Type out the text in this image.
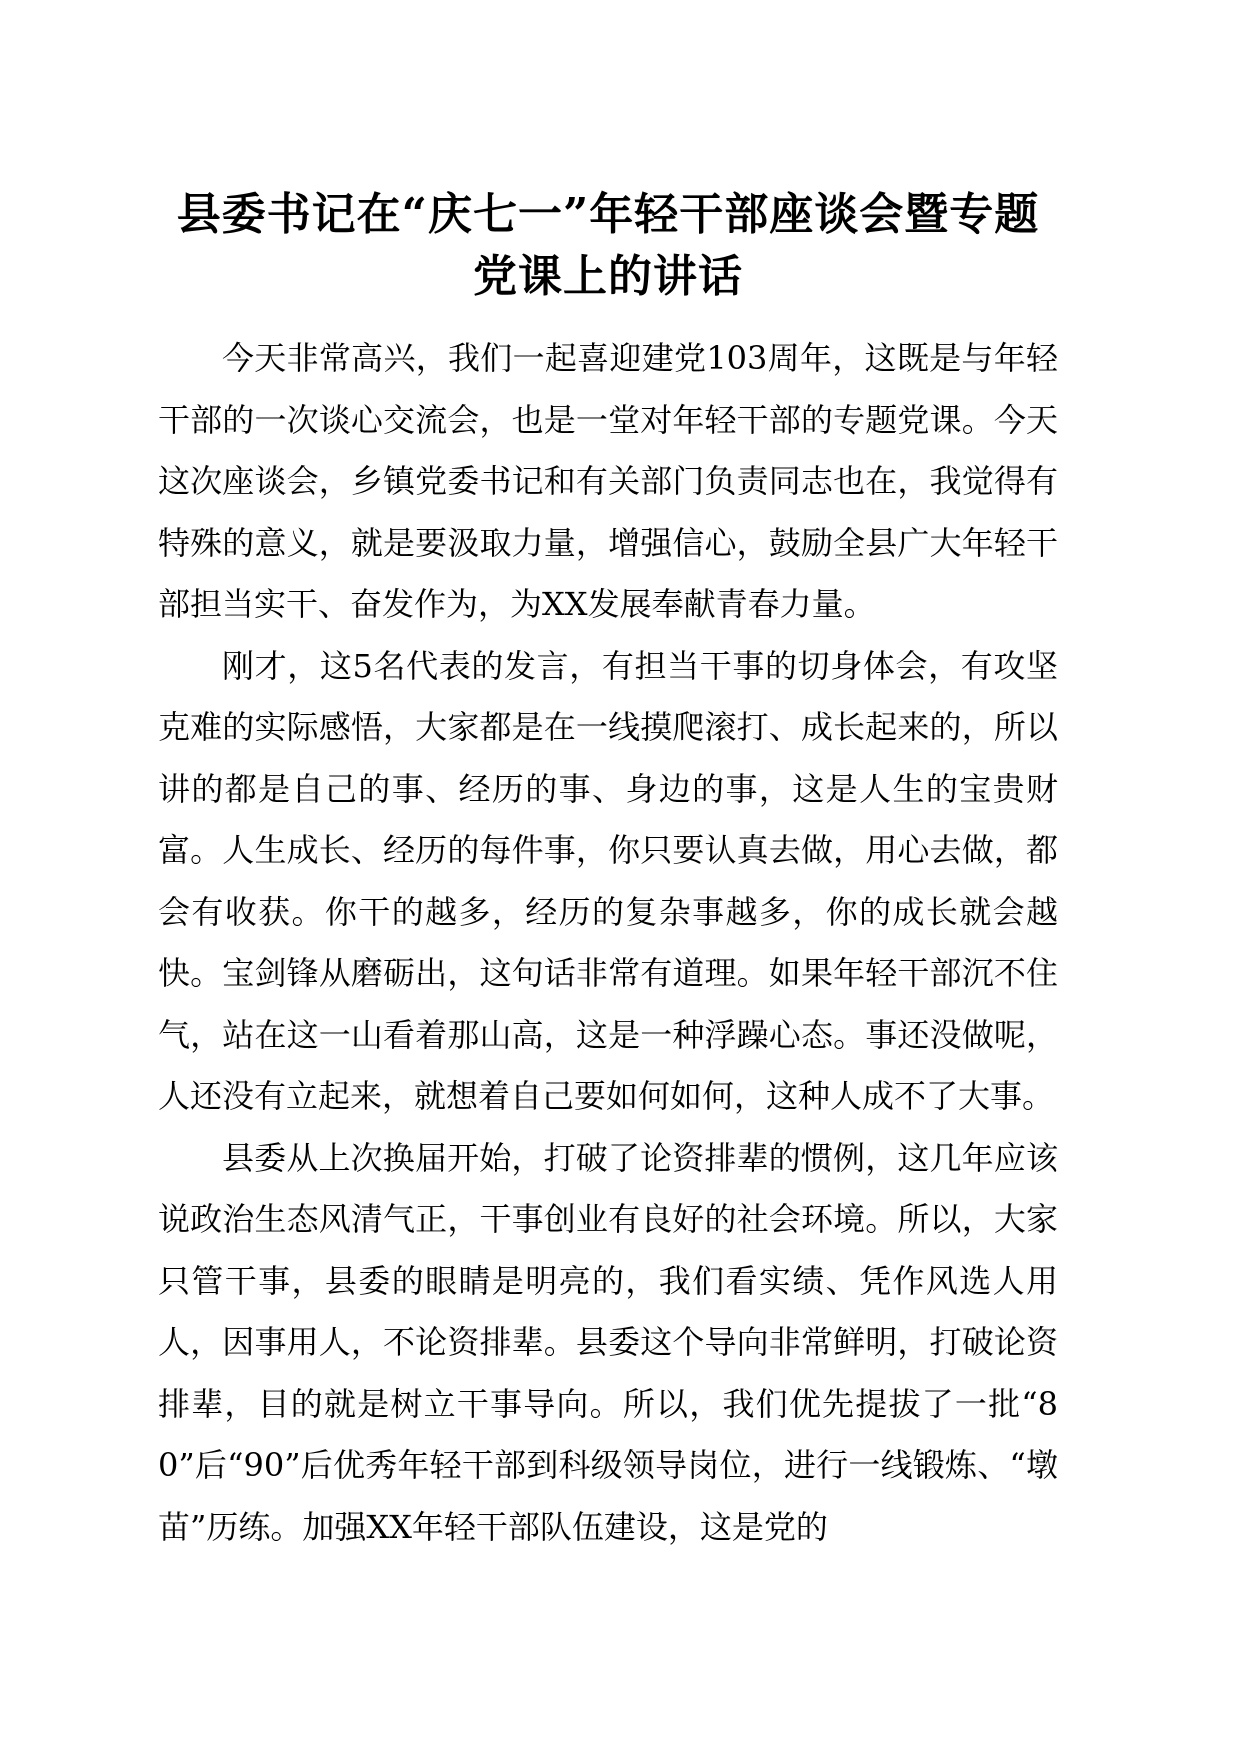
县委书记在“庆七一”年轻干部座谈会暨专题
党课上的讲话

今天非常高兴，我们一起喜迎建党103周年，这既是与年轻干部的一次谈心交流会，也是一堂对年轻干部的专题党课。今天这次座谈会，乡镇党委书记和有关部门负责同志也在，我觉得有特殊的意义，就是要汲取力量，增强信心，鼓励全县广大年轻干部担当实干、奋发作为，为XX发展奉献青春力量。

刚才，这5名代表的发言，有担当干事的切身体会，有攻坚克难的实际感悟，大家都是在一线摸爬滚打、成长起来的，所以讲的都是自己的事、经历的事、身边的事，这是人生的宝贵财富。人生成长、经历的每件事，你只要认真去做，用心去做，都会有收获。你干的越多，经历的复杂事越多，你的成长就会越快。宝剑锋从磨砺出，这句话非常有道理。如果年轻干部沉不住气，站在这一山看着那山高，这是一种浮躁心态。事还没做呢，人还没有立起来，就想着自己要如何如何，这种人成不了大事。

县委从上次换届开始，打破了论资排辈的惯例，这几年应该说政治生态风清气正，干事创业有良好的社会环境。所以，大家只管干事，县委的眼睛是明亮的，我们看实绩、凭作风选人用人，因事用人，不论资排辈。县委这个导向非常鲜明，打破论资排辈，目的就是树立干事导向。所以，我们优先提拔了一批“80”后“90”后优秀年轻干部到科级领导岗位，进行一线锻炼、“墩苗”历练。加强XX年轻干部队伍建设，这是党的
